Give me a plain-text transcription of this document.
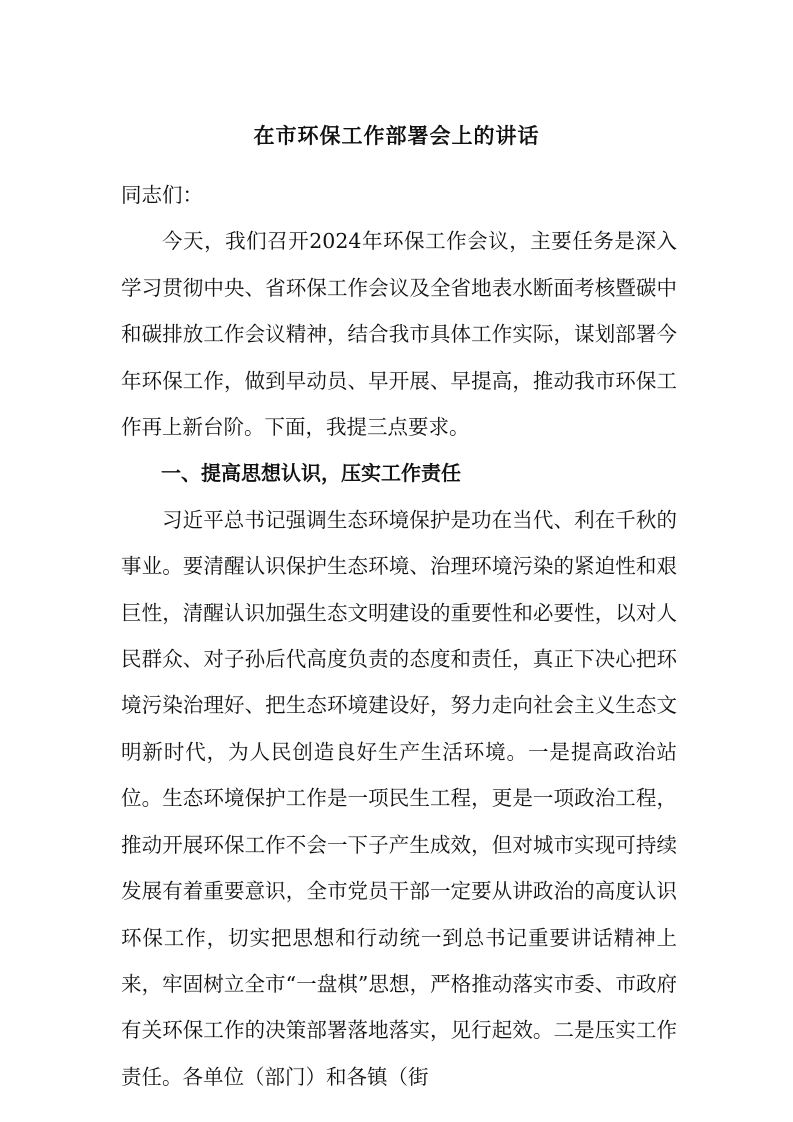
在市环保工作部署会上的讲话

同志们：

今天，我们召开2024年环保工作会议，主要任务是深入学习贯彻中央、省环保工作会议及全省地表水断面考核暨碳中和碳排放工作会议精神，结合我市具体工作实际，谋划部署今年环保工作，做到早动员、早开展、早提高，推动我市环保工作再上新台阶。下面，我提三点要求。

一、提高思想认识，压实工作责任

习近平总书记强调生态环境保护是功在当代、利在千秋的事业。要清醒认识保护生态环境、治理环境污染的紧迫性和艰巨性，清醒认识加强生态文明建设的重要性和必要性，以对人民群众、对子孙后代高度负责的态度和责任，真正下决心把环境污染治理好、把生态环境建设好，努力走向社会主义生态文明新时代，为人民创造良好生产生活环境。一是提高政治站位。生态环境保护工作是一项民生工程，更是一项政治工程，推动开展环保工作不会一下子产生成效，但对城市实现可持续发展有着重要意识，全市党员干部一定要从讲政治的高度认识环保工作，切实把思想和行动统一到总书记重要讲话精神上来，牢固树立全市“一盘棋”思想，严格推动落实市委、市政府有关环保工作的决策部署落地落实，见行起效。二是压实工作责任。各单位（部门）和各镇（街
